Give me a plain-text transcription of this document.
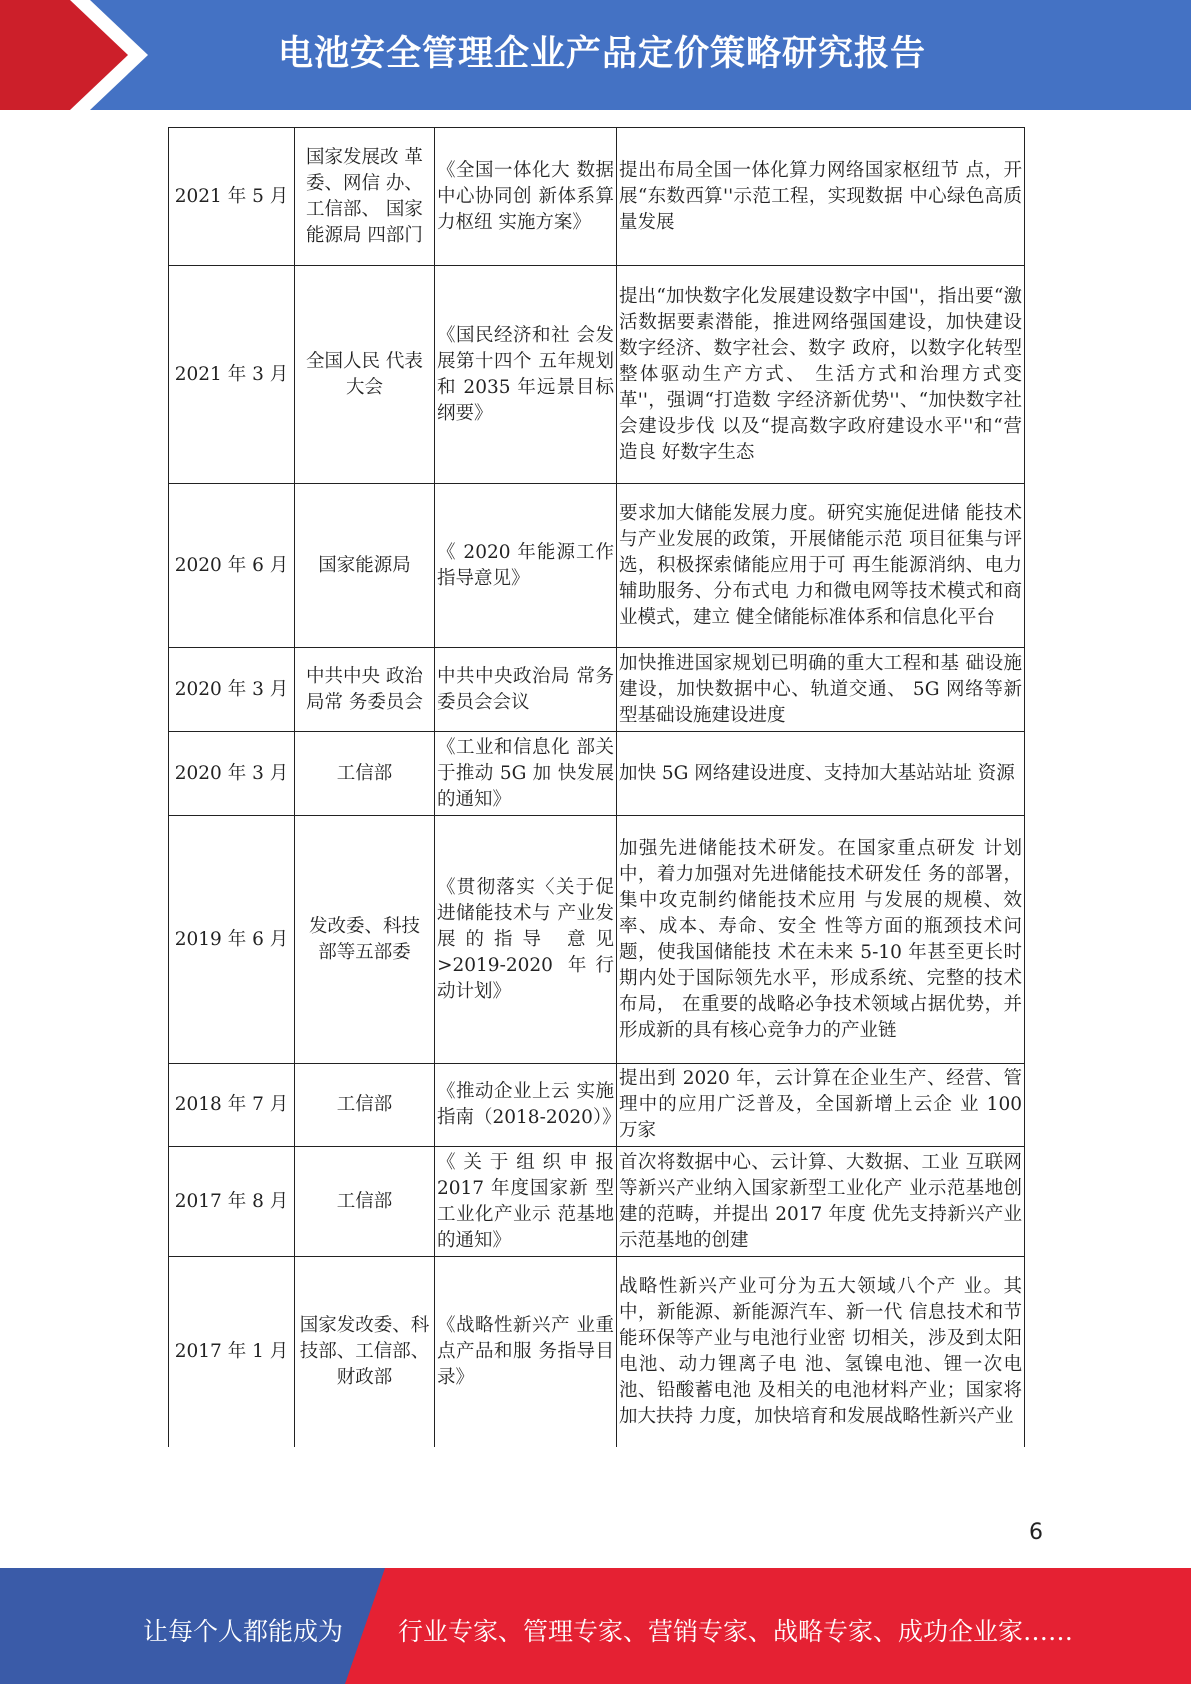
电池安全管理企业产品定价策略研究报告
2021 年 5 月	国家发展改 革委、网信 办、工信部、 国家能源局 四部门	《全国一体化大 数据中心协同创 新体系算力枢纽 实施方案》	提出布局全国一体化算力网络国家枢纽节 点，开展“东数西算''示范工程，实现数据 中心绿色高质量发展
2021 年 3 月	全国人民 代表大会	《国民经济和社 会发展第十四个 五年规划和 2035 年远景目标纲要》	提出“加快数字化发展建设数字中国''，指出要“激活数据要素潜能，推进网络强国建设，加快建设数字经济、数字社会、数字 政府，以数字化转型整体驱动生产方式、 生活方式和治理方式变革''，强调“打造数 字经济新优势''、“加快数字社会建设步伐 以及“提高数字政府建设水平''和“营造良 好数字生态
2020 年 6 月	国家能源局	《 2020 年能源工作指导意见》	要求加大储能发展力度。研究实施促进储 能技术与产业发展的政策，开展储能示范 项目征集与评选，积极探索储能应用于可 再生能源消纳、电力辅助服务、分布式电 力和微电网等技术模式和商业模式，建立 健全储能标准体系和信息化平台
2020 年 3 月	中共中央 政治局常 务委员会	中共中央政治局 常务委员会会议	加快推进国家规划已明确的重大工程和基 础设施建设，加快数据中心、轨道交通、 5G 网络等新型基础设施建设进度
2020 年 3 月	工信部	《工业和信息化 部关于推动 5G 加 快发展的通知》	加快 5G 网络建设进度、支持加大基站站址 资源
2019 年 6 月	发改委、科技 部等五部委	《贯彻落实〈关于促进储能技术与 产业发展的指导 意见 >2019-2020 年行动计划》	加强先进储能技术研发。在国家重点研发 计划中，着力加强对先进储能技术研发任 务的部署，集中攻克制约储能技术应用 与发展的规模、效率、成本、寿命、安全 性等方面的瓶颈技术问题，使我国储能技 术在未来 5-10 年甚至更长时期内处于国际领先水平，形成系统、完整的技术布局， 在重要的战略必争技术领域占据优势，并 形成新的具有核心竞争力的产业链
2018 年 7 月	工信部	《推动企业上云 实施指南（2018-2020）》	提出到 2020 年，云计算在企业生产、经营、管理中的应用广泛普及，全国新增上云企 业 100 万家
2017 年 8 月	工信部	《关于组织申报 2017 年度国家新 型工业化产业示 范基地的通知》	首次将数据中心、云计算、大数据、工业 互联网等新兴产业纳入国家新型工业化产 业示范基地创建的范畴，并提出 2017 年度 优先支持新兴产业示范基地的创建
2017 年 1 月	国家发改委、科技部、工信部、财政部	《战略性新兴产 业重点产品和服 务指导目录》	战略性新兴产业可分为五大领域八个产 业。其中，新能源、新能源汽车、新一代 信息技术和节能环保等产业与电池行业密 切相关，涉及到太阳电池、动力锂离子电 池、氢镍电池、锂一次电池、铅酸蓄电池 及相关的电池材料产业；国家将加大扶持 力度，加快培育和发展战略性新兴产业
6
让每个人都能成为 行业专家、管理专家、营销专家、战略专家、成功企业家……
